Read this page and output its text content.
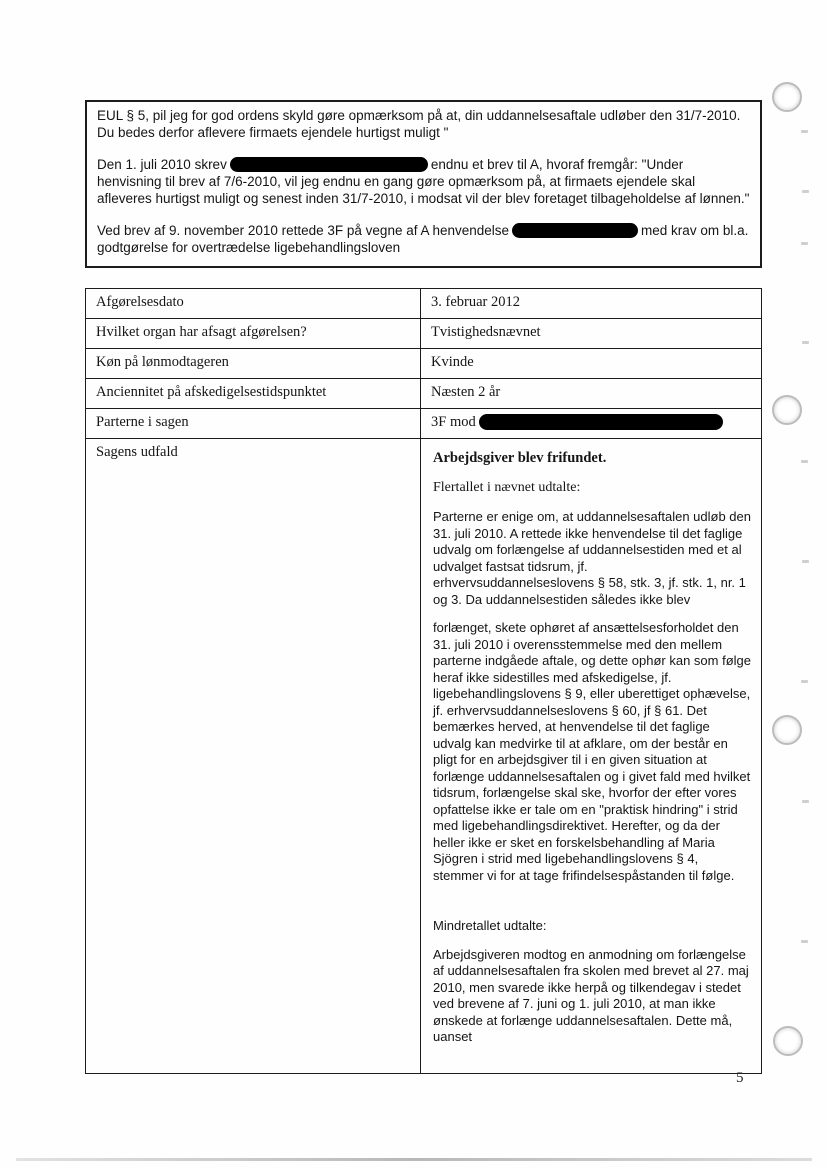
EUL § 5, pil jeg for god ordens skyld gøre opmærksom på at, din uddannelsesaftale udløber den 31/7-2010. Du bedes derfor aflevere firmaets ejendele hurtigst muligt "

Den 1. juli 2010 skrev	endnu et brev til A, hvoraf fremgår: "Under henvisning til brev af 7/6-2010, vil jeg endnu en gang gøre opmærksom på, at firmaets ejendele skal afleveres hurtigst muligt og senest inden 31/7-2010, i modsat vil der blev foretaget tilbageholdelse af lønnen."

Ved brev af 9. november 2010 rettede 3F på vegne af A henvendelse	med krav om bl.a. godtgørelse for overtrædelse ligebehandlingsloven

Afgørelsesdato	3. februar 2012
Hvilket organ har afsagt afgørelsen?	Tvistighedsnævnet
Køn på lønmodtageren	Kvinde
Anciennitet på afskedigelsestidspunktet	Næsten 2 år
Parterne i sagen	3F mod
Sagens udfald	Arbejdsgiver blev frifundet.

Flertallet i nævnet udtalte:

Parterne er enige om, at uddannelsesaftalen udløb den 31. juli 2010. A rettede ikke henvendelse til det faglige udvalg om forlængelse af uddannelsestiden med et al udvalget fastsat tidsrum, jf. erhvervsuddannelseslovens § 58, stk. 3, jf. stk. 1, nr. 1 og 3. Da uddannelsestiden således ikke blev

forlænget, skete ophøret af ansættelsesforholdet den 31. juli 2010 i overensstemmelse med den mellem parterne indgåede aftale, og dette ophør kan som følge heraf ikke sidestilles med afskedigelse, jf. ligebehandlingslovens § 9, eller uberettiget ophævelse, jf. erhvervsuddannelseslovens § 60, jf § 61. Det bemærkes herved, at henvendelse til det faglige udvalg kan medvirke til at afklare, om der består en pligt for en arbejdsgiver til i en given situation at forlænge uddannelsesaftalen og i givet fald med hvilket tidsrum, forlængelse skal ske, hvorfor der efter vores opfattelse ikke er tale om en "praktisk hindring" i strid med ligebehandlingsdirektivet. Herefter, og da der heller ikke er sket en forskelsbehandling af Maria Sjögren i strid med ligebehandlingslovens § 4, stemmer vi for at tage frifindelsespåstanden til følge.

Mindretallet udtalte:

Arbejdsgiveren modtog en anmodning om forlængelse af uddannelsesaftalen fra skolen med brevet al 27. maj 2010, men svarede ikke herpå og tilkendegav i stedet ved brevene af 7. juni og 1. juli 2010, at man ikke ønskede at forlænge uddannelsesaftalen. Dette må, uanset

5
